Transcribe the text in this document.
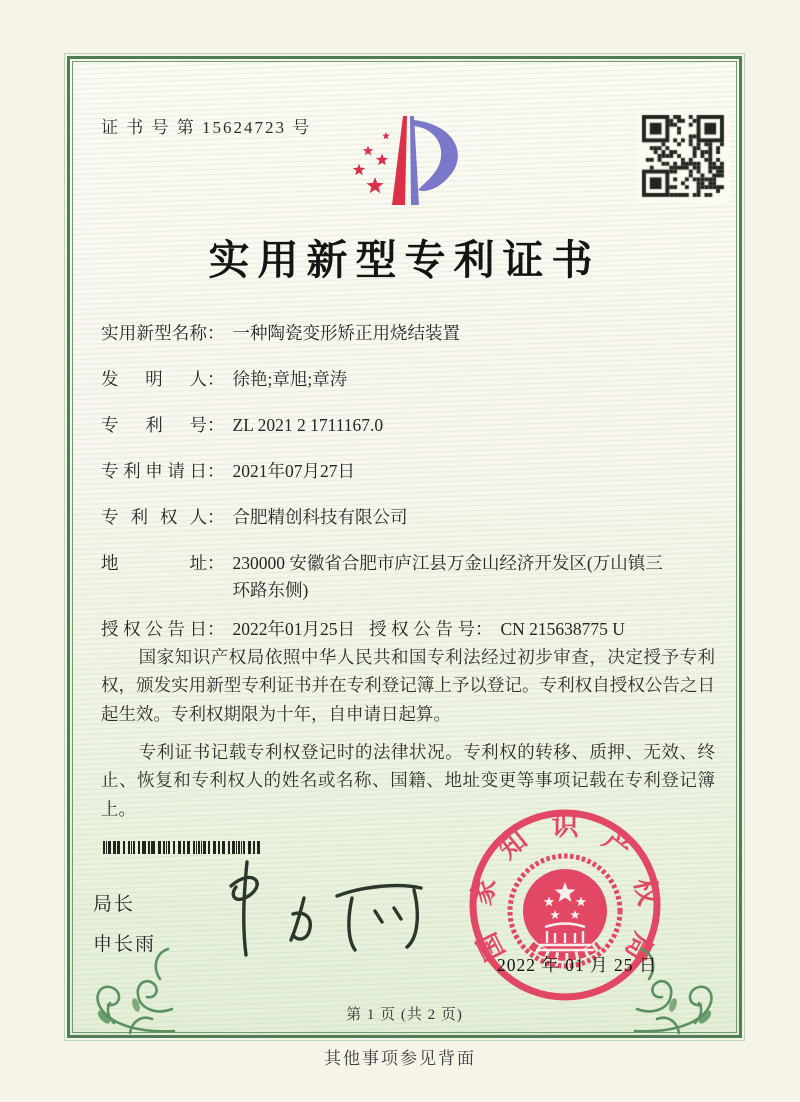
证 书 号 第 15624723 号
实用新型专利证书
实用新型名称 ： 一种陶瓷变形矫正用烧结装置
发 明 人 ： 徐艳;章旭;章涛
专 利 号 ： ZL 2021 2 1711167.0
专利申请日 ： 2021年07月27日
专 利 权 人 ： 合肥精创科技有限公司
地 址 ： 230000 安徽省合肥市庐江县万金山经济开发区(万山镇三环路东侧)
授权公告日 ： 2022年01月25日 授权公告号 ： CN 215638775 U

国家知识产权局依照中华人民共和国专利法经过初步审查，决定授予专利权，颁发实用新型专利证书并在专利登记簿上予以登记。专利权自授权公告之日起生效。专利权期限为十年，自申请日起算。

专利证书记载专利权登记时的法律状况。专利权的转移、质押、无效、终止、恢复和专利权人的姓名或名称、国籍、地址变更等事项记载在专利登记簿上。

局长
申长雨	国
家
知 识 产
权
局
2022 年 01 月 25 日
第 1 页 (共 2 页)
其他事项参见背面
